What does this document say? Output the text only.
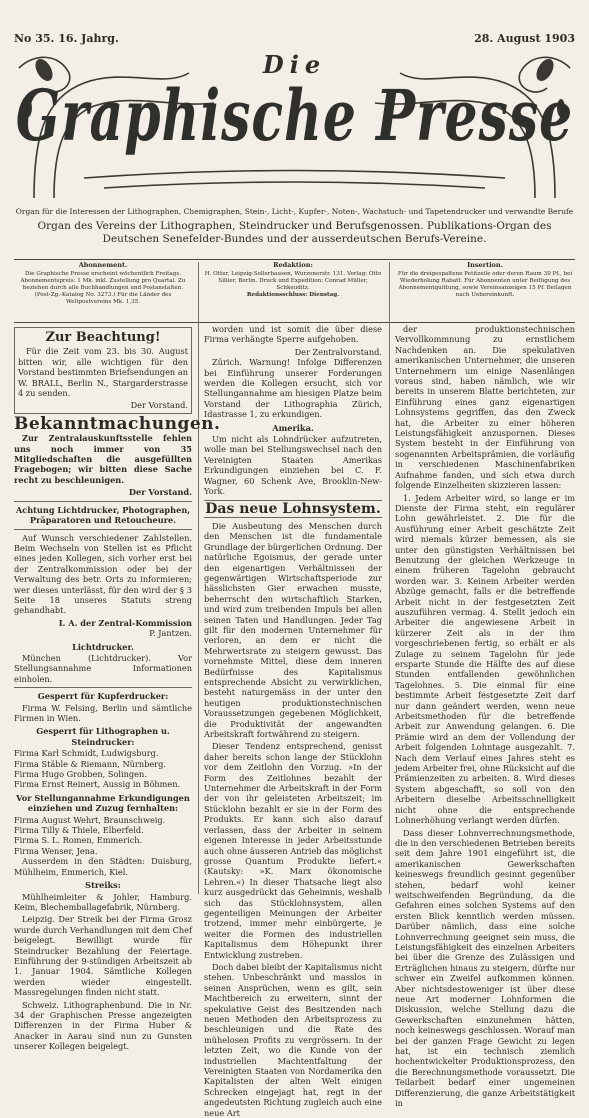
No 35. 16. Jahrg.	28. August 1903
Die
Graphische Presse
Organ für die Interessen der Lithographen, Chemigraphen, Stein-, Licht-, Kupfer-, Noten-, Wachstuch- und Tapetendrucker und verwandte Berufe
Organ des Vereins der Lithographen, Steindrucker und Berufsgenossen. Publikations-Organ des Deutschen Senefelder-Bundes und der ausserdeutschen Berufs-Vereine.
Abonnement.
Die Graphische Presse erscheint wöchentlich Freitags. Abonnementspreis: 1 Mk. inkl. Zustellung pro Quartal. Zu beziehen durch alle Buchhandlungen und Postanstalten. (Post-Zg.-Katalog No. 3273.) Für die Länder des Weltpostvereins Mk. 1,35.
Redaktion:
H. Otter, Leipzig-Sellerhausen, Wurzenerstr. 131. Verlag: Otto Sillier, Berlin. Druck und Expedition: Conrad Müller, Schkeuditz.
Redaktionsschluss: Dienstag.
Insertion.
Für die dreigespaltene Petitzeile oder deren Raum 30 Pf., bei Wiederholung Rabatt. Für Abonnenten unter Beifügung des Abonnementquittung, sowie Vereinsanzeigen 15 Pf. Beilagen nach Uebereinkunft.
Zur Beachtung!

Für die Zeit vom 23. bis 30. August bitten wir, alle wichtigen für den Vorstand bestimmten Briefsendungen an W. BRALL, Berlin N., Stargarderstrasse 4 zu senden.

Der Vorstand.
Bekanntmachungen.

Zur Zentralauskunftsstelle fehlen uns noch immer von 35 Mitgliedschaften die ausgefüllten Fragebogen; wir bitten diese Sache recht zu beschleunigen.

Der Vorstand.
Achtung Lichtdrucker, Photographen, Präparatoren und Retoucheure.

Auf Wunsch verschiedener Zahlstellen. Beim Wechseln von Stellen ist es Pflicht eines jeden Kollegen, sich vorher erst bei der Zentralkommission oder bei der Verwaltung des betr. Orts zu informieren; wer dieses unterlässt, für den wird der § 3 Seite 18 unseres Statuts streng gehandhabt.

I. A. der Zentral-Kommission
P. Jantzen.
Lichtdrucker.

München (Lichtdrucker). Vor Stellungsannahme Informationen einholen.

Gesperrt für Kupferdrucker:

Firma W. Felsing, Berlin und sämtliche Firmen in Wien.

Gesperrt für Lithographen u. Steindrucker:
Firma Karl Schmidt, Ludwigsburg.
Firma Stäble & Riemann, Nürnberg.
Firma Hugo Grobben, Solingen.
Firma Ernst Reinert, Aussig in Böhmen.
Vor Stellungannahme Erkundigungen einziehen und Zuzug fernhalten:
Firma August Wehrt, Braunschweig.
Firma Tilly & Thiele, Elberfeld.
Firma S. L. Romen, Emmerich.
Firma Wenser, Jena.

Ausserdem in den Städten: Duisburg, Mühlheim, Emmerich, Kiel.

Streiks:

Mühlheimleiter & Johler, Hamburg. Keim, Blechemballagefabrik, Nürnberg.

Leipzig. Der Streik bei der Firma Grosz wurde durch Verhandlungen mit dem Chef beigelegt. Bewilligt wurde für Steindrucker Bezahlung der Feiertage. Einführung der 9-stündigen Arbeitszeit ab 1. Januar 1904. Sämtliche Kollegen werden wieder eingestellt. Massregelungen finden nicht statt.

Schweiz. Lithographenbund. Die in Nr. 34 der Graphischen Presse angezeigten Differenzen in der Firma Huber & Anacker in Aarau sind nun zu Gunsten unserer Kollegen beigelegt.

worden und ist somit die über diese Firma verhängte Sperre aufgehoben.

Der Zentralvorstand.

Zürich. Warnung! Infolge Differenzen bei Einführung unserer Forderungen werden die Kollegen ersucht, sich vor Stellungannahme am hiesigen Platze beim Vorstand der Lithographia Zürich, Idastrasse 1, zu erkundigen.

Amerika.

Um nicht als Lohndrücker aufzutreten, wolle man bei Stellungswechsel nach den Vereinigten Staaten Amerikas Erkundigungen einziehen bei C. F. Wagner, 60 Schenk Ave, Brooklin-New-York.

Das neue Lohnsystem.

Die Ausbeutung des Menschen durch den Menschen ist die fundamentale Grundlage der bürgerlichen Ordnung. Der natürliche Egoismus, der gerade unter den eigenartigen Verhältnissen der gegenwärtigen Wirtschaftsperiode zur hässlichsten Gier erwachen musste, beherrscht den wirtschaftlich Starken, und wird zum treibenden Impuls bei allen seinen Taten und Handlungen. Jeder Tag gilt für den modernen Unternehmer für verloren, an dem er nicht die Mehrwertsrate zu steigern gewusst. Das vornehmste Mittel, diese dem inneren Bedürfnisse des Kapitalismus entsprechende Absicht zu verwirklichen, besteht naturgemäss in der unter den heutigen produktionstechnischen Voraussetzungen gegebenen Möglichkeit, die Produktivität der angewandten Arbeitskraft fortwährend zu steigern.

Dieser Tendenz entsprechend, genisst daher bereits schon lange der Stücklohn vor dem Zeitlohn den Vorzug. »In der Form des Zeitlohnes bezahlt der Unternehmer die Arbeitskraft in der Form der von ihr geleisteten Arbeitszeit; im Stücklohn bezahlt er sie in der Form des Produkts. Er kann sich also darauf verlassen, dass der Arbeiter in seinem eigenen Interesse in jeder Arbeitsstunde auch ohne äusseren Antrieb das möglichst grosse Quantum Produkte liefert.« (Kautsky: »K. Marx ökonomische Lehren.«) In dieser Thatsache liegt also kurz ausgedrückt das Geheimnis, weshalb sich das Stücklohnsystem, allen gegenteiligen Meinungen der Arbeiter trotzend, immer mehr einbürgerte, je weiter die Formen des industriellen Kapitalismus dem Höhepunkt ihrer Entwicklung zustreben.

Doch dabei bleibt der Kapitalismus nicht stehen. Unbeschränkt und masslos in seinen Ansprüchen, wenn es gilt, sein Machtbereich zu erweitern, sinnt der spekulative Geist des Besitzenden nach neuen Methoden den Arbeitsprozess zu beschleunigen und die Rate des mühelosen Profits zu vergrössern. In der letzten Zeit, wo die Kunde von der industriellen Machtentfaltung der Vereinigten Staaten von Nordamerika den Kapitalisten der alten Welt einigen Schrecken eingejagt hat, regt in der angedeutsten Richtung zugleich auch eine neue Art

der produktionstechnischen Vervollkommnung zu ernstlichem Nachdenken an. Die spekulativen amerikanischen Unternehmer, die unseren Unternehmern um einige Nasenlängen voraus sind, haben nämlich, wie wir bereits in unserem Blatte berichteten, zur Einführung eines ganz eigenartigen Lohnsystems gegriffen, das den Zweck hat, die Arbeiter zu einer höheren Leistungsfähigkeit anzuspornen. Dieses System besteht in der Einführung von sogenannten Arbeitsprämien, die vorläufig in verschiedenen Maschinenfabriken Aufnahme fanden, und sich etwa durch folgende Einzelheiten skizzieren lassen:

1. Jedem Arbeiter wird, so lange er im Dienste der Firma steht, ein regulärer Lohn gewährleistet. 2. Die für die Ausführung einer Arbeit geschätzte Zeit wird niemals kürzer bemessen, als sie unter den günstigsten Verhältnissen bei Benutzung der gleichen Werkzeuge in einem früheren Tagelohn gebraucht worden war. 3. Keinem Arbeiter werden Abzüge gemacht, falls er die betreffende Arbeit nicht in der festgesetzten Zeit auszuführen vermag. 4. Stellt jedoch ein Arbeiter die angewiesene Arbeit in kürzerer Zeit als in der ihm vorgeschriebenen fertig, so erhält er als Zulage zu seinem Tagelohn für jede ersparte Stunde die Hälfte des auf diese Stunden entfallenden gewöhnlichen Tagelohnes. 5. Die einmal für eine bestimmte Arbeit festgesetzte Zeit darf nur dann geändert werden, wenn neue Arbeitsmethoden für die betreffende Arbeit zur Anwendung gelangen. 6. Die Prämie wird an dem der Vollendung der Arbeit folgenden Lohntage ausgezahlt. 7. Nach dem Verlauf eines Jahres steht es jedem Arbeiter frei, ohne Rücksicht auf die Prämienzeiten zu arbeiten. 8. Wird dieses System abgeschafft, so soll von den Arbeitern dieselbe Arbeitsschnelligkeit nicht ohne die entsprechende Lohnerhöhung verlangt werden dürfen.

Dass dieser Lohnverrechnungsmethode, die in den verschiedenen Betrieben bereits seit dem Jahre 1901 eingeführt ist, die amerikanischen Gewerkschaften keineswegs freundlich gesinnt gegenüber stehen, bedarf wohl keiner weitschweifenden Begründung, da die Gefahren eines solchen Systems auf den ersten Blick kenntlich werden müssen. Darüber nämlich, dass eine solche Lohnverrechnung geeignet sein muss, die Leistungsfähigkeit des einzelnen Arbeiters bei über die Grenze des Zulässigen und Erträglichen hinaus zu steigern, dürfte nur schwer ein Zweifel aufkommen können. Aber nichtsdestoweniger ist über diese neue Art moderner Lohnformen die Diskussion, welche Stellung dazu die Gewerkschaften einzunehmen hätten, noch keineswegs geschlossen. Worauf man bei der ganzen Frage Gewicht zu legen hat, ist ein technisch ziemlich hochentwickelter Produktionsprozess, den die Berechnungsmethode voraussetzt. Die Teilarbeit bedarf einer ungemeinen Differenzierung, die ganze Arbeitstätigkeit in
